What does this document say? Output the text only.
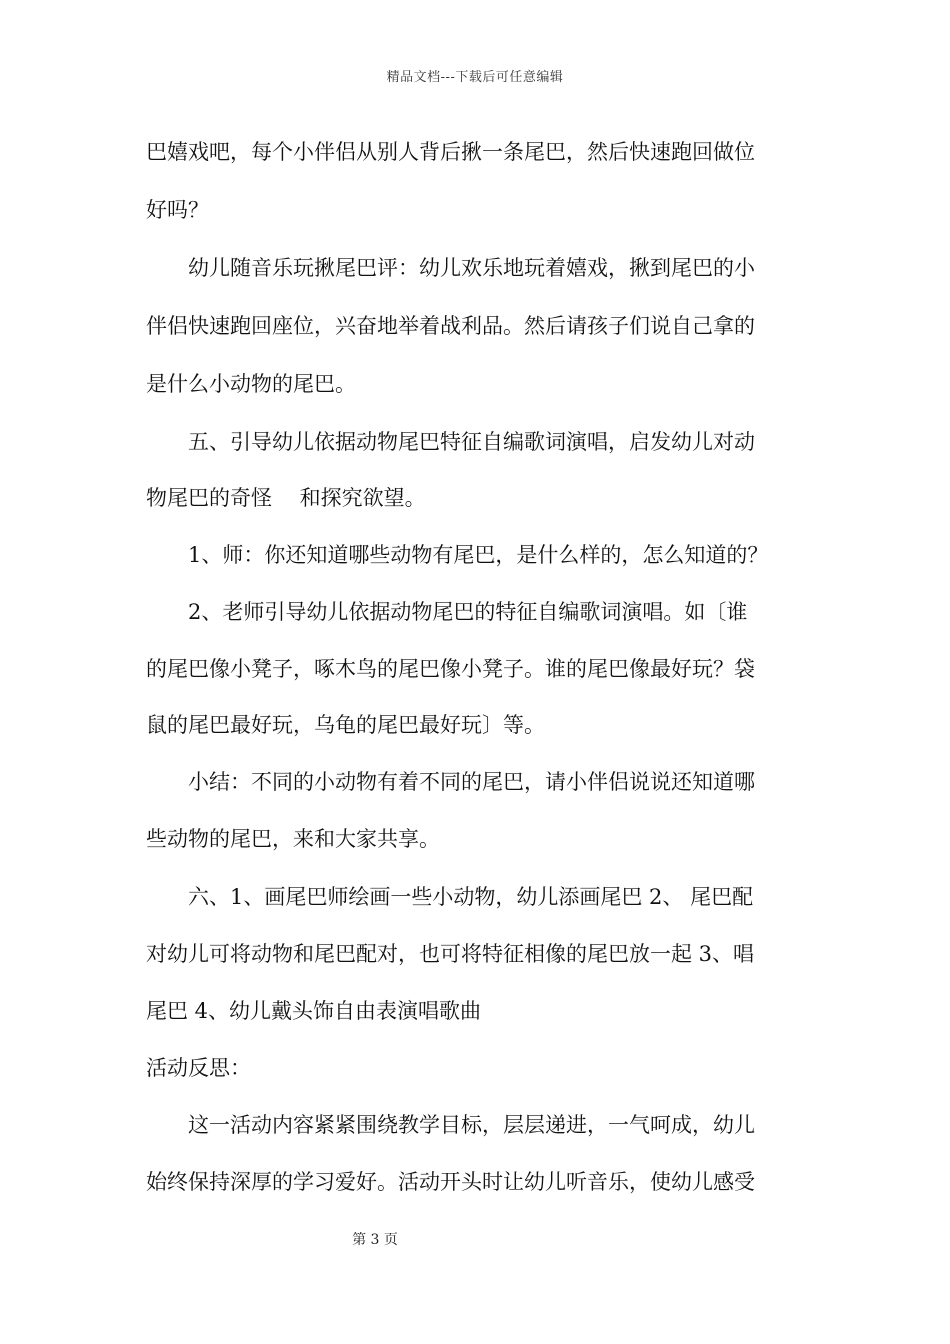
精品文档---下载后可任意编辑
巴嬉戏吧，每个小伴侣从别人背后揪一条尾巴，然后快速跑回做位
好吗？
　　幼儿随音乐玩揪尾巴评：幼儿欢乐地玩着嬉戏，揪到尾巴的小
伴侣快速跑回座位，兴奋地举着战利品。然后请孩子们说自己拿的
是什么小动物的尾巴。
　　五、引导幼儿依据动物尾巴特征自编歌词演唱，启发幼儿对动
物尾巴的奇怪　 和探究欲望。
　　1、师：你还知道哪些动物有尾巴，是什么样的，怎么知道的？
　　2、老师引导幼儿依据动物尾巴的特征自编歌词演唱。如〔谁
的尾巴像小凳子，啄木鸟的尾巴像小凳子。谁的尾巴像最好玩？袋
鼠的尾巴最好玩，乌龟的尾巴最好玩〕等。
　　小结：不同的小动物有着不同的尾巴，请小伴侣说说还知道哪
些动物的尾巴，来和大家共享。
　　六、1、画尾巴师绘画一些小动物，幼儿添画尾巴 2、 尾巴配
对幼儿可将动物和尾巴配对，也可将特征相像的尾巴放一起 3、唱
尾巴 4、幼儿戴头饰自由表演唱歌曲
活动反思：
　　这一活动内容紧紧围绕教学目标，层层递进，一气呵成，幼儿
始终保持深厚的学习爱好。活动开头时让幼儿听音乐，使幼儿感受
第 3 页
